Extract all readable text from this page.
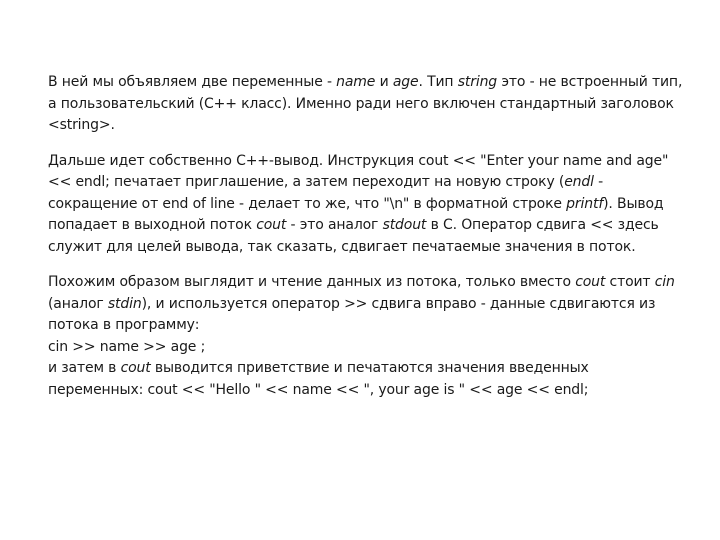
В ней мы объявляем две переменные - name и age. Тип string это - не встроенный тип, а пользовательский (С++ класс). Именно ради него включен стандартный заголовок <string>.

Дальше идет собственно С++-вывод. Инструкция cout << "Enter your name and age" << endl; печатает приглашение, а затем переходит на новую строку (endl - сокращение от end of line - делает то же, что "\n" в форматной строке printf). Вывод попадает в выходной поток cout - это аналог stdout в С. Оператор сдвига << здесь служит для целей вывода, так сказать, сдвигает печатаемые значения в поток.

Похожим образом выглядит и чтение данных из потока, только вместо cout стоит cin (аналог stdin), и используется оператор >> сдвига вправо - данные сдвигаются из потока в программу:
cin >> name >> age ;
и затем в cout выводится приветствие и печатаются значения введенных переменных: cout << "Hello " << name << ", your age is " << age << endl;
